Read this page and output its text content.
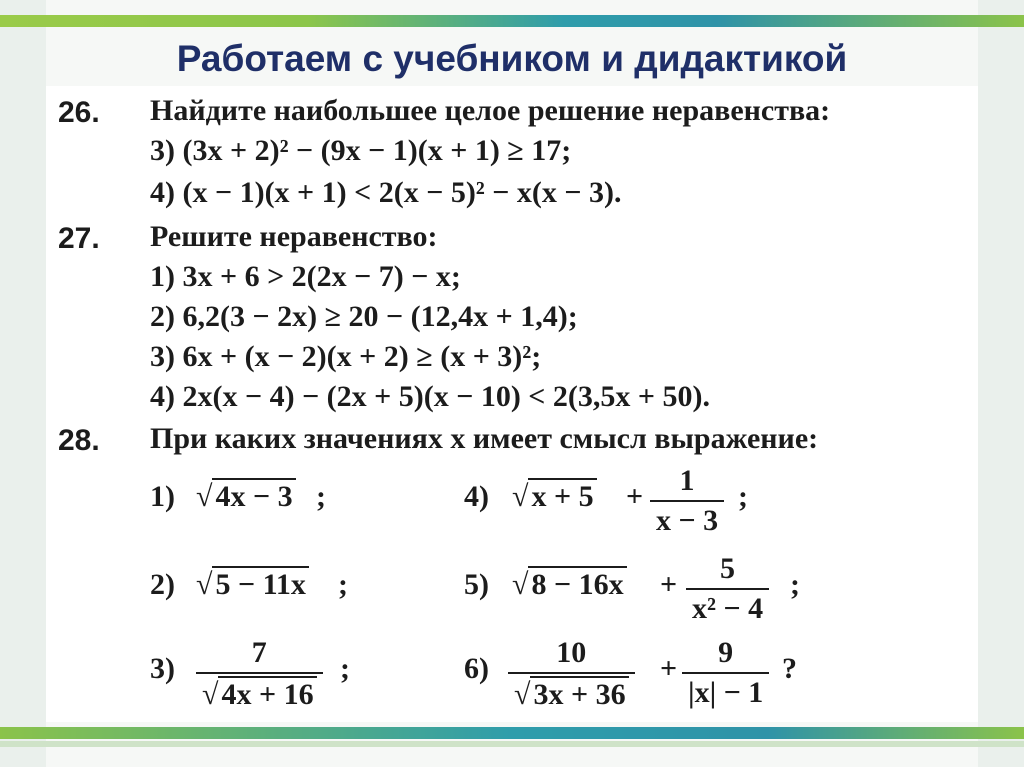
Работаем с учебником и дидактикой
26. Найдите наибольшее целое решение неравенства:
3) (3x + 2)² − (9x − 1)(x + 1) ≥ 17;
4) (x − 1)(x + 1) < 2(x − 5)² − x(x − 3).
27. Решите неравенство:
1) 3x + 6 > 2(2x − 7) − x;
2) 6,2(3 − 2x) ≥ 20 − (12,4x + 1,4);
3) 6x + (x − 2)(x + 2) ≥ (x + 3)²;
4) 2x(x − 4) − (2x + 5)(x − 10) < 2(3,5x + 50).
28. При каких значениях x имеет смысл выражение:
1) √ 4x − 3 ;
2) √ 5 − 11x ;
$3) \frac{7}{√ 4x + 16}$ ;
4) √ $x + 5 + \frac{1}{x - 3}$ ;
5) √ $8 - 16x + \frac{5}{\text{x² − 4}}$ ;
$6) \frac{10}{√ 3x + 36} + \frac{9}{|x| - 1}$ ?
